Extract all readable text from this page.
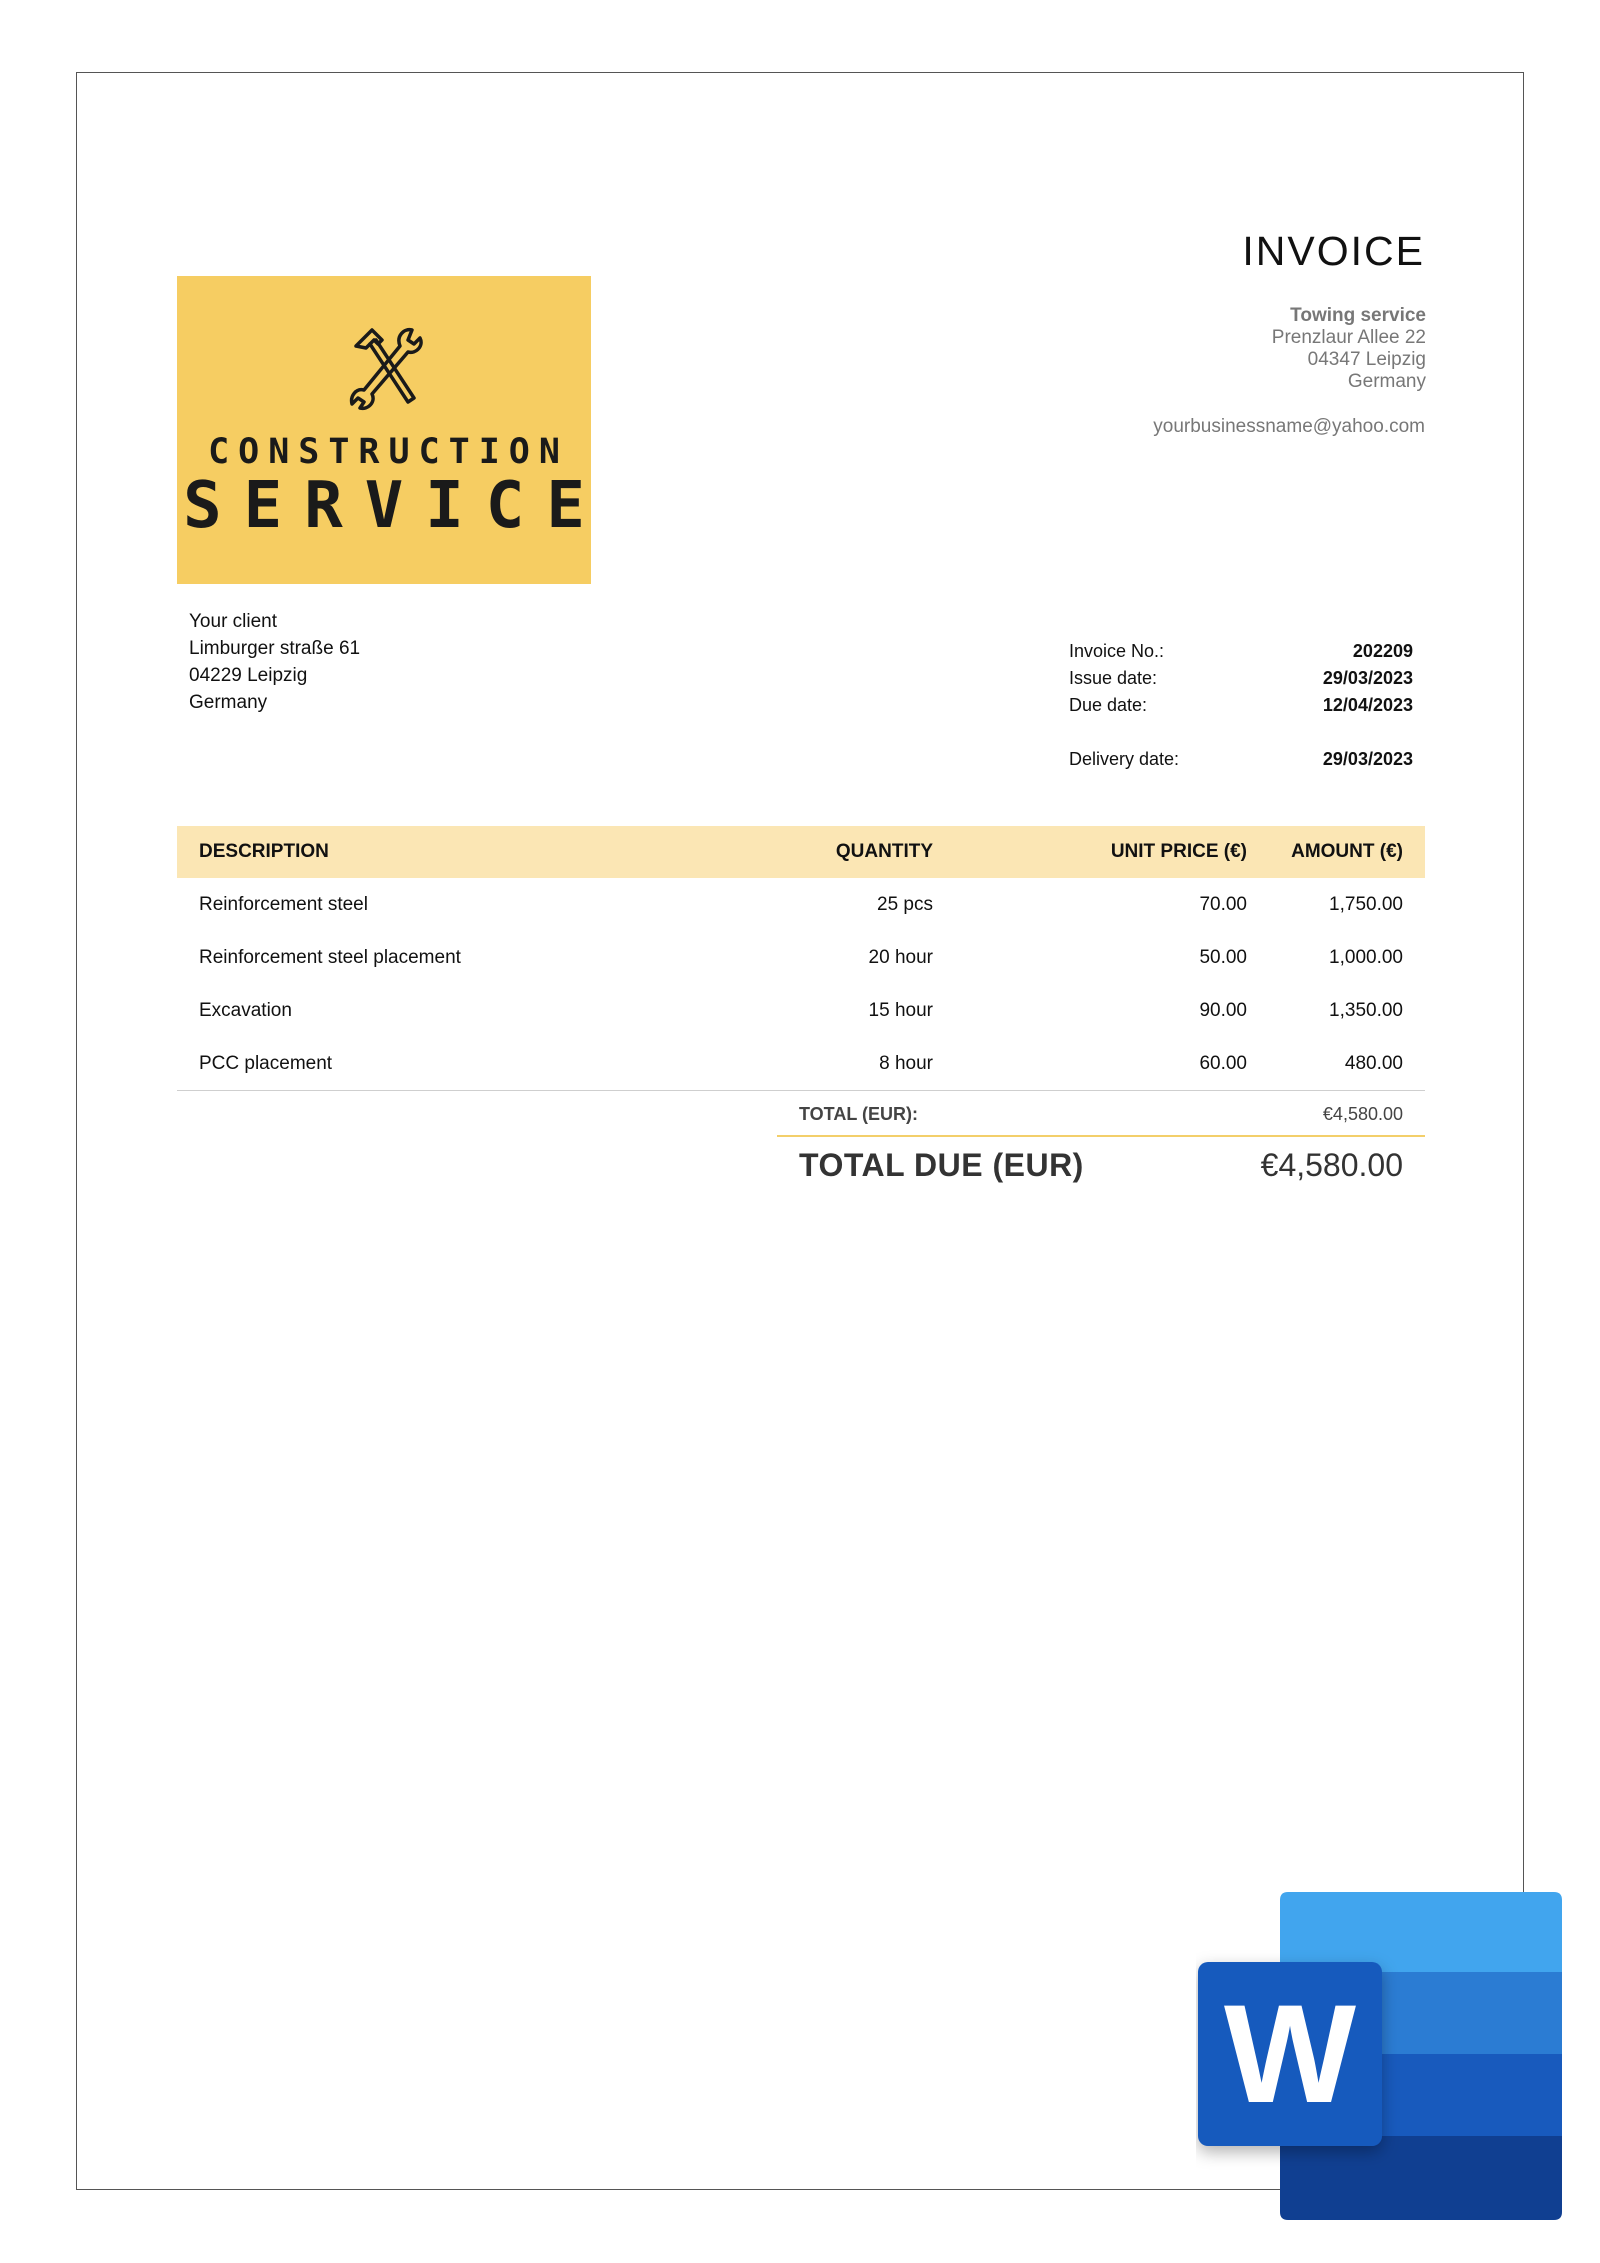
CONSTRUCTION
SERVICE
INVOICE
Towing service
Prenzlaur Allee 22
04347 Leipzig
Germany
yourbusinessname@yahoo.com
Your client
Limburger straße 61
04229 Leipzig
Germany
Invoice No.:	202209
Issue date:	29/03/2023
Due date:	12/04/2023
Delivery date:	29/03/2023
DESCRIPTION	QUANTITY	UNIT PRICE (€)	AMOUNT (€)
Reinforcement steel	25 pcs	70.00	1,750.00
Reinforcement steel placement	20 hour	50.00	1,000.00
Excavation	15 hour	90.00	1,350.00
PCC placement	8 hour	60.00	480.00
TOTAL (EUR):	€4,580.00
TOTAL DUE (EUR)	€4,580.00
W
